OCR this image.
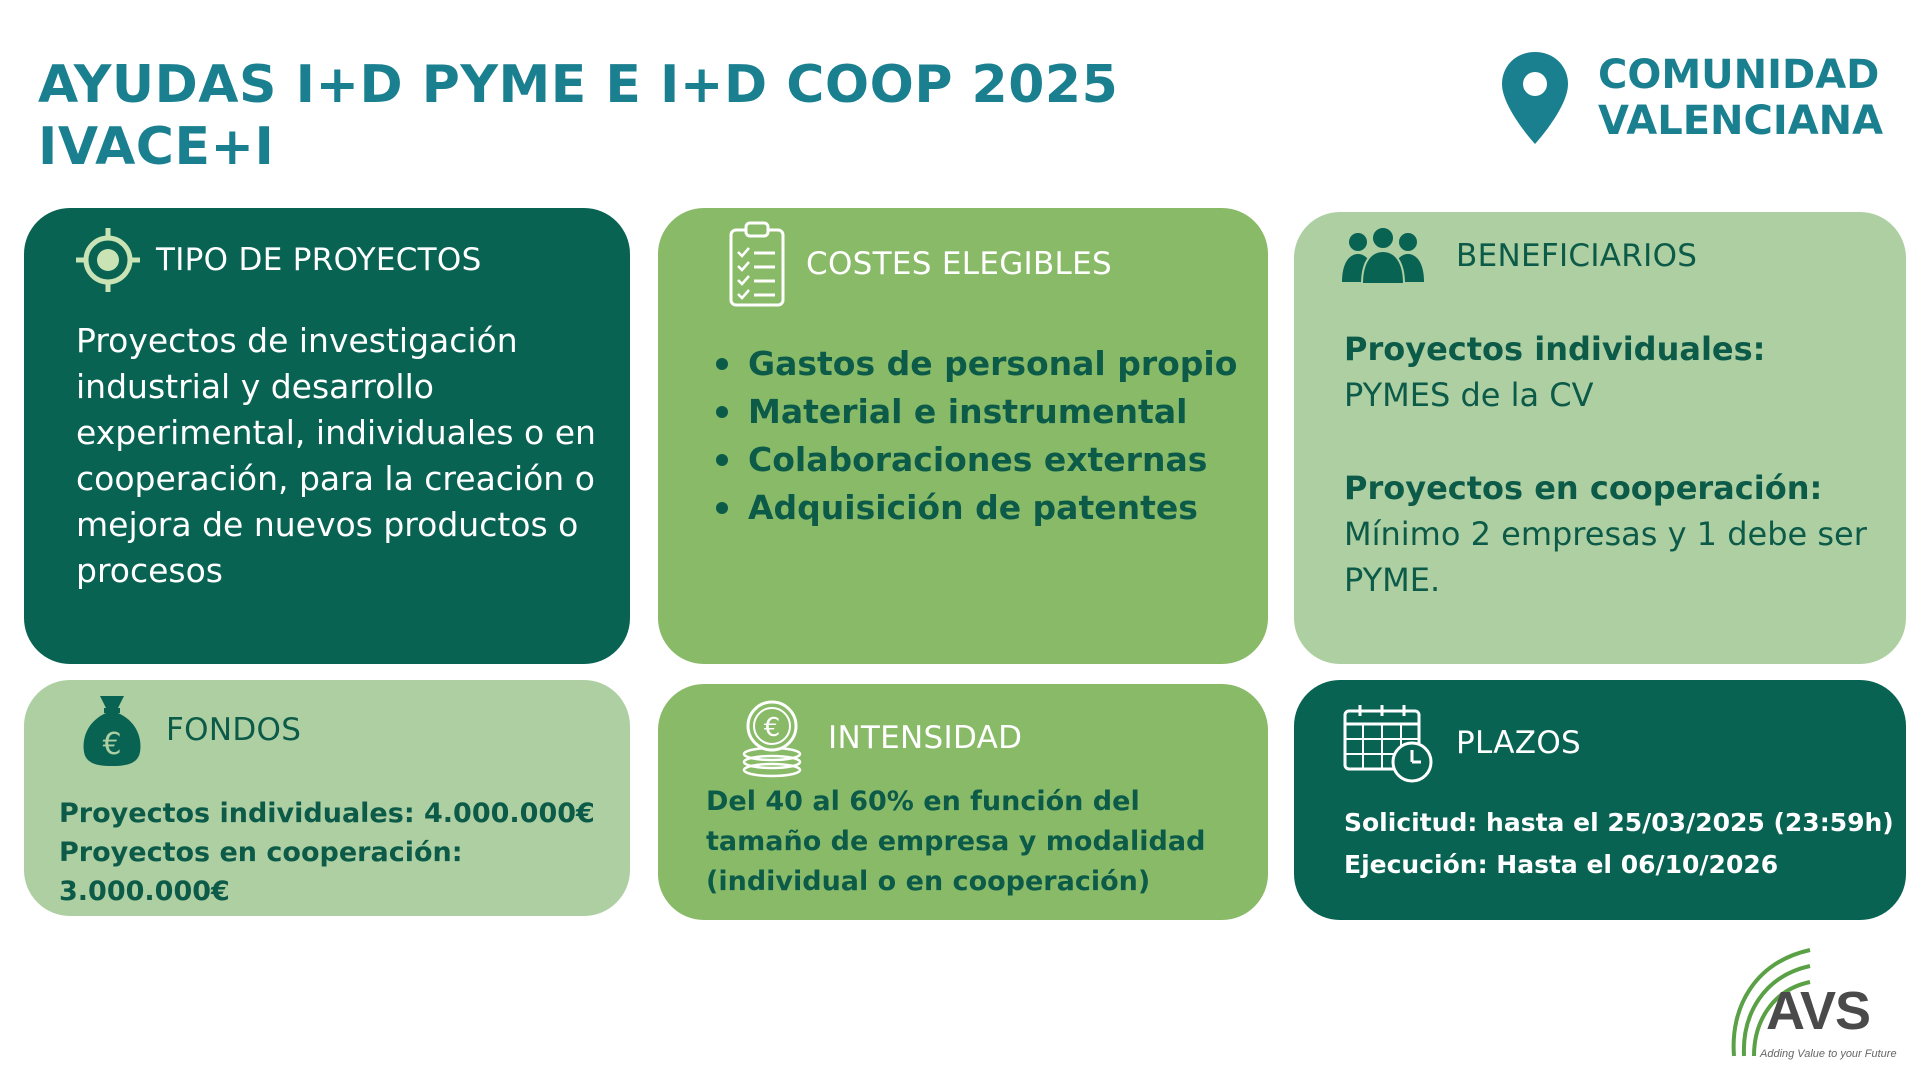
AYUDAS I+D PYME E I+D COOP 2025
IVACE+I
COMUNIDAD
VALENCIANA
TIPO DE PROYECTOS
Proyectos de investigación industrial y desarrollo experimental, individuales o en cooperación, para la creación o mejora de nuevos productos o procesos
COSTES ELEGIBLES
Gastos de personal propio
Material e instrumental
Colaboraciones externas
Adquisición de patentes
BENEFICIARIOS
Proyectos individuales:
PYMES de la CV
Proyectos en cooperación:
Mínimo 2 empresas y 1 debe ser PYME.
€ FONDOS
Proyectos individuales: 4.000.000€
Proyectos en cooperación: 3.000.000€
€ INTENSIDAD
Del 40 al 60% en función del tamaño de empresa y modalidad (individual o en cooperación)
PLAZOS
Solicitud: hasta el 25/03/2025 (23:59h)
Ejecución: Hasta el 06/10/2026
AVS
Adding Value to your Future
